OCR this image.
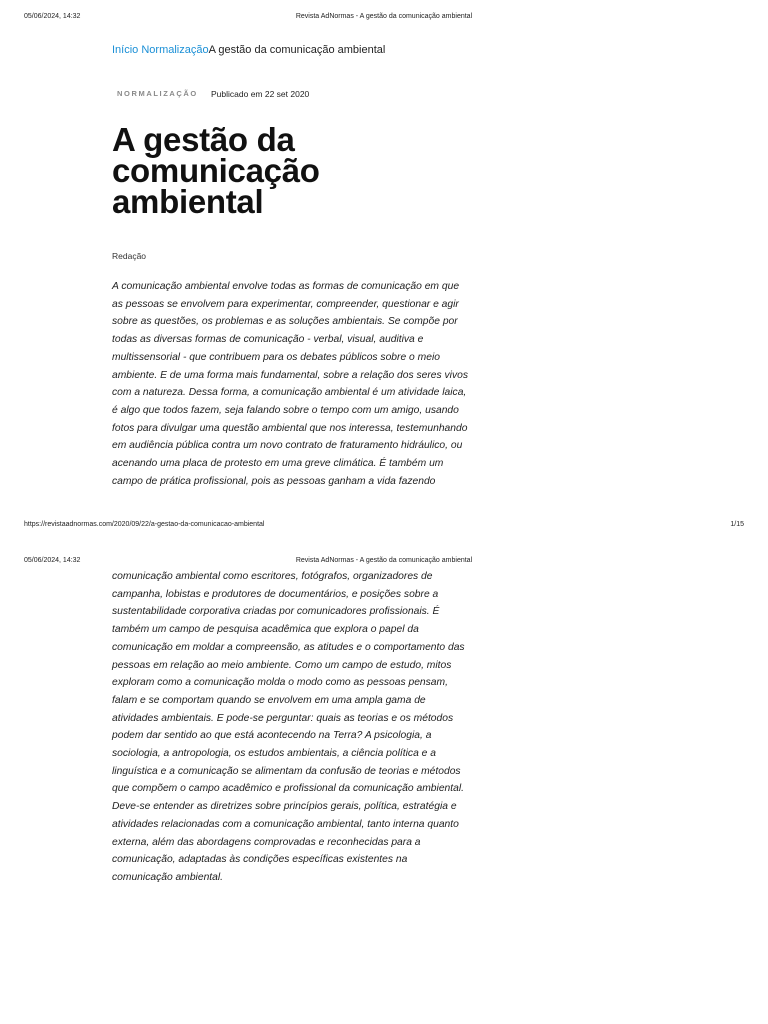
05/06/2024, 14:32	Revista AdNormas - A gestão da comunicação ambiental
Início NormalizaçãoA gestão da comunicação ambiental
NORMALIZAÇÃO Publicado em 22 set 2020
A gestão da comunicação ambiental
Redação

A comunicação ambiental envolve todas as formas de comunicação em que as pessoas se envolvem para experimentar, compreender, questionar e agir sobre as questões, os problemas e as soluções ambientais. Se compõe por todas as diversas formas de comunicação - verbal, visual, auditiva e multissensorial - que contribuem para os debates públicos sobre o meio ambiente. E de uma forma mais fundamental, sobre a relação dos seres vivos com a natureza. Dessa forma, a comunicação ambiental é um atividade laica, é algo que todos fazem, seja falando sobre o tempo com um amigo, usando fotos para divulgar uma questão ambiental que nos interessa, testemunhando em audiência pública contra um novo contrato de fraturamento hidráulico, ou acenando uma placa de protesto em uma greve climática. É também um campo de prática profissional, pois as pessoas ganham a vida fazendo

https://revistaadnormas.com/2020/09/22/a-gestao-da-comunicacao-ambiental	1/15
05/06/2024, 14:32	Revista AdNormas - A gestão da comunicação ambiental

comunicação ambiental como escritores, fotógrafos, organizadores de campanha, lobistas e produtores de documentários, e posições sobre a sustentabilidade corporativa criadas por comunicadores profissionais. É também um campo de pesquisa acadêmica que explora o papel da comunicação em moldar a compreensão, as atitudes e o comportamento das pessoas em relação ao meio ambiente. Como um campo de estudo, mitos exploram como a comunicação molda o modo como as pessoas pensam, falam e se comportam quando se envolvem em uma ampla gama de atividades ambientais. E pode-se perguntar: quais as teorias e os métodos podem dar sentido ao que está acontecendo na Terra? A psicologia, a sociologia, a antropologia, os estudos ambientais, a ciência política e a linguística e a comunicação se alimentam da confusão de teorias e métodos que compõem o campo acadêmico e profissional da comunicação ambiental. Deve-se entender as diretrizes sobre princípios gerais, política, estratégia e atividades relacionadas com a comunicação ambiental, tanto interna quanto externa, além das abordagens comprovadas e reconhecidas para a comunicação, adaptadas às condições específicas existentes na comunicação ambiental.
